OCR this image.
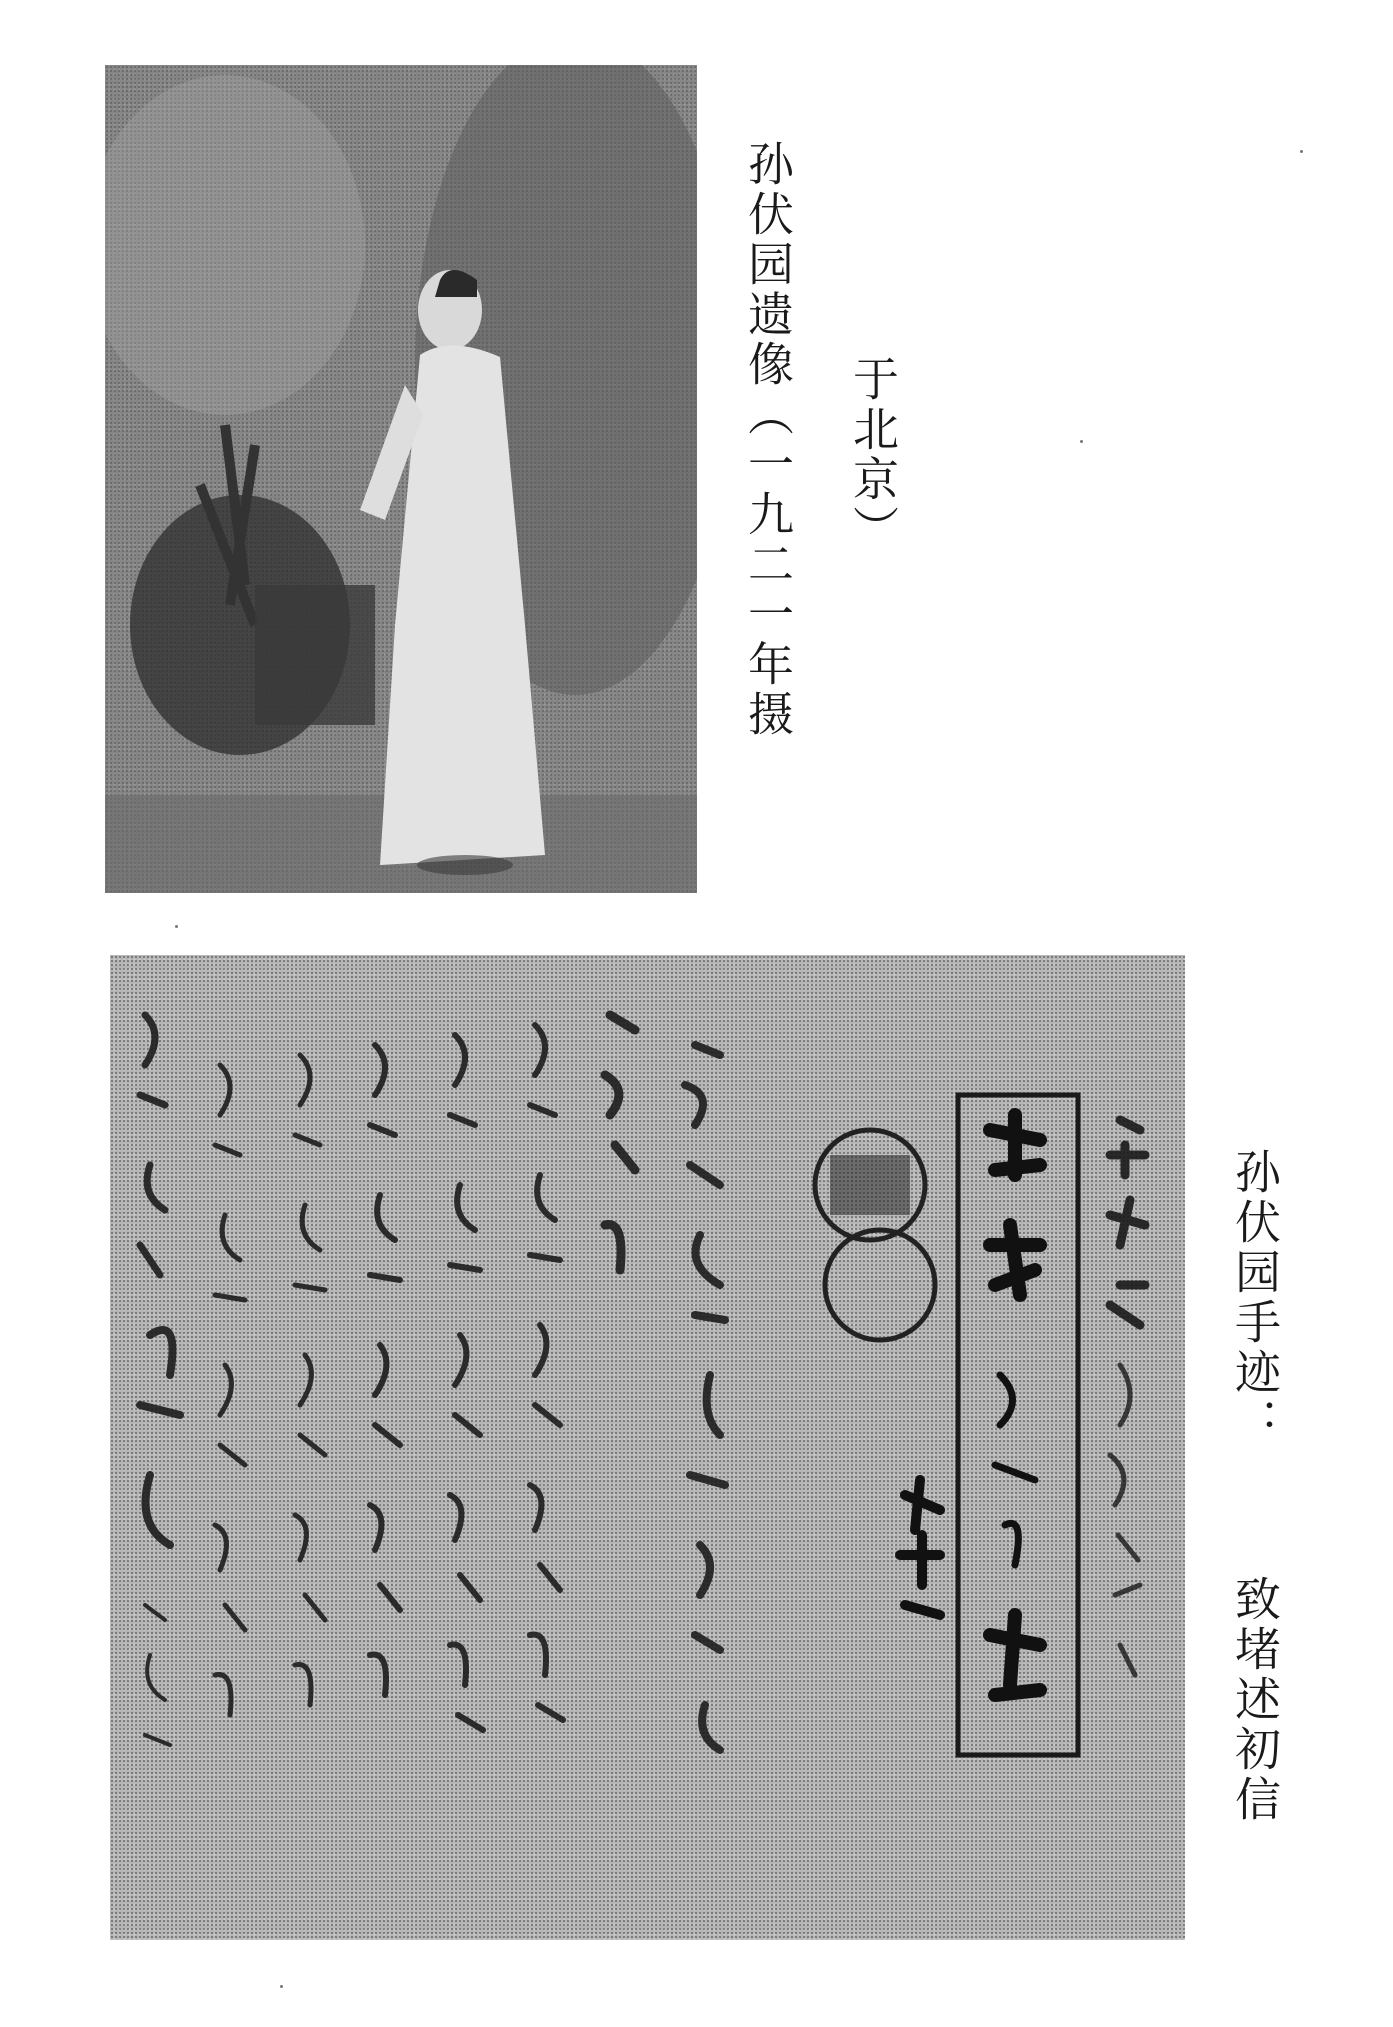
孙伏园遗像（一九二一年摄 于北京）
孙伏园手迹：
致堵述初信
